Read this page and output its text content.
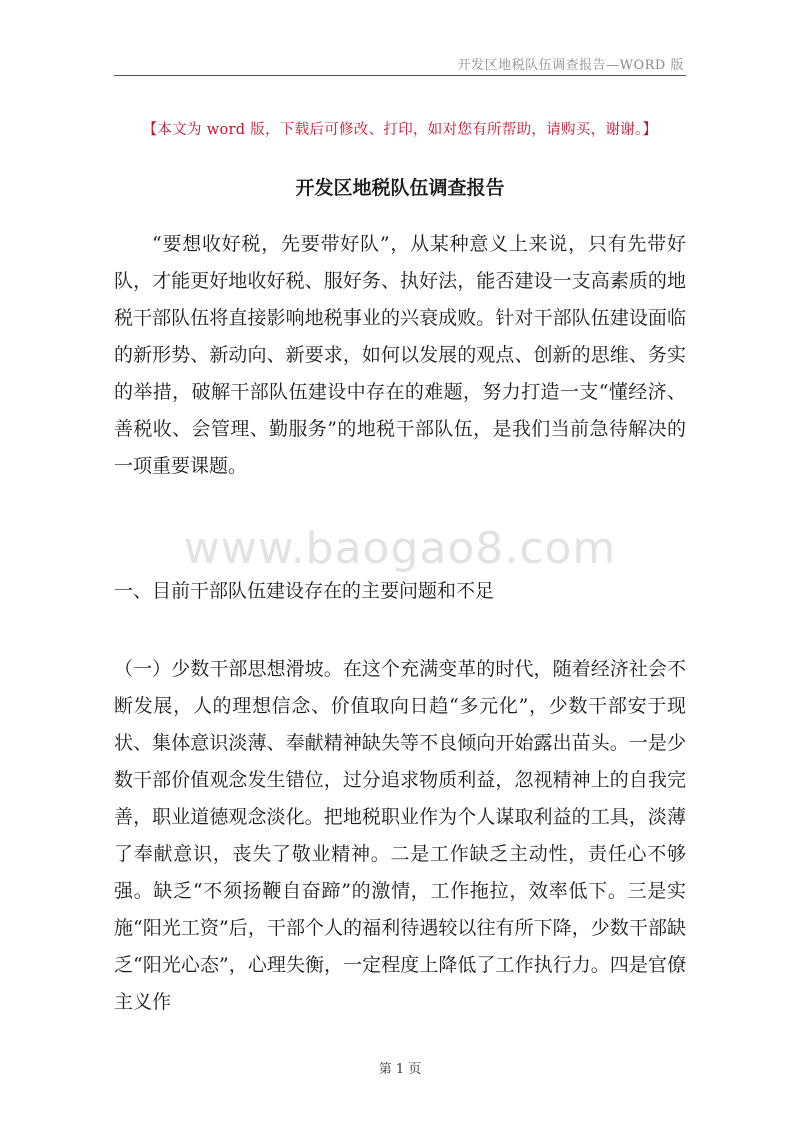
开发区地税队伍调查报告—WORD 版
【本文为 word 版，下载后可修改、打印，如对您有所帮助，请购买，谢谢。】
开发区地税队伍调查报告

“要想收好税，先要带好队”，从某种意义上来说，只有先带好队，才能更好地收好税、服好务、执好法，能否建设一支高素质的地税干部队伍将直接影响地税事业的兴衰成败。针对干部队伍建设面临的新形势、新动向、新要求，如何以发展的观点、创新的思维、务实的举措，破解干部队伍建设中存在的难题，努力打造一支“懂经济、善税收、会管理、勤服务”的地税干部队伍，是我们当前急待解决的一项重要课题。

www.baogao8.com
一、目前干部队伍建设存在的主要问题和不足

（一）少数干部思想滑坡。在这个充满变革的时代，随着经济社会不断发展，人的理想信念、价值取向日趋“多元化”，少数干部安于现状、集体意识淡薄、奉献精神缺失等不良倾向开始露出苗头。一是少数干部价值观念发生错位，过分追求物质利益，忽视精神上的自我完善，职业道德观念淡化。把地税职业作为个人谋取利益的工具，淡薄了奉献意识，丧失了敬业精神。二是工作缺乏主动性，责任心不够强。缺乏“不须扬鞭自奋蹄”的激情，工作拖拉，效率低下。三是实施“阳光工资”后，干部个人的福利待遇较以往有所下降，少数干部缺乏“阳光心态”，心理失衡，一定程度上降低了工作执行力。四是官僚主义作

第 1 页
